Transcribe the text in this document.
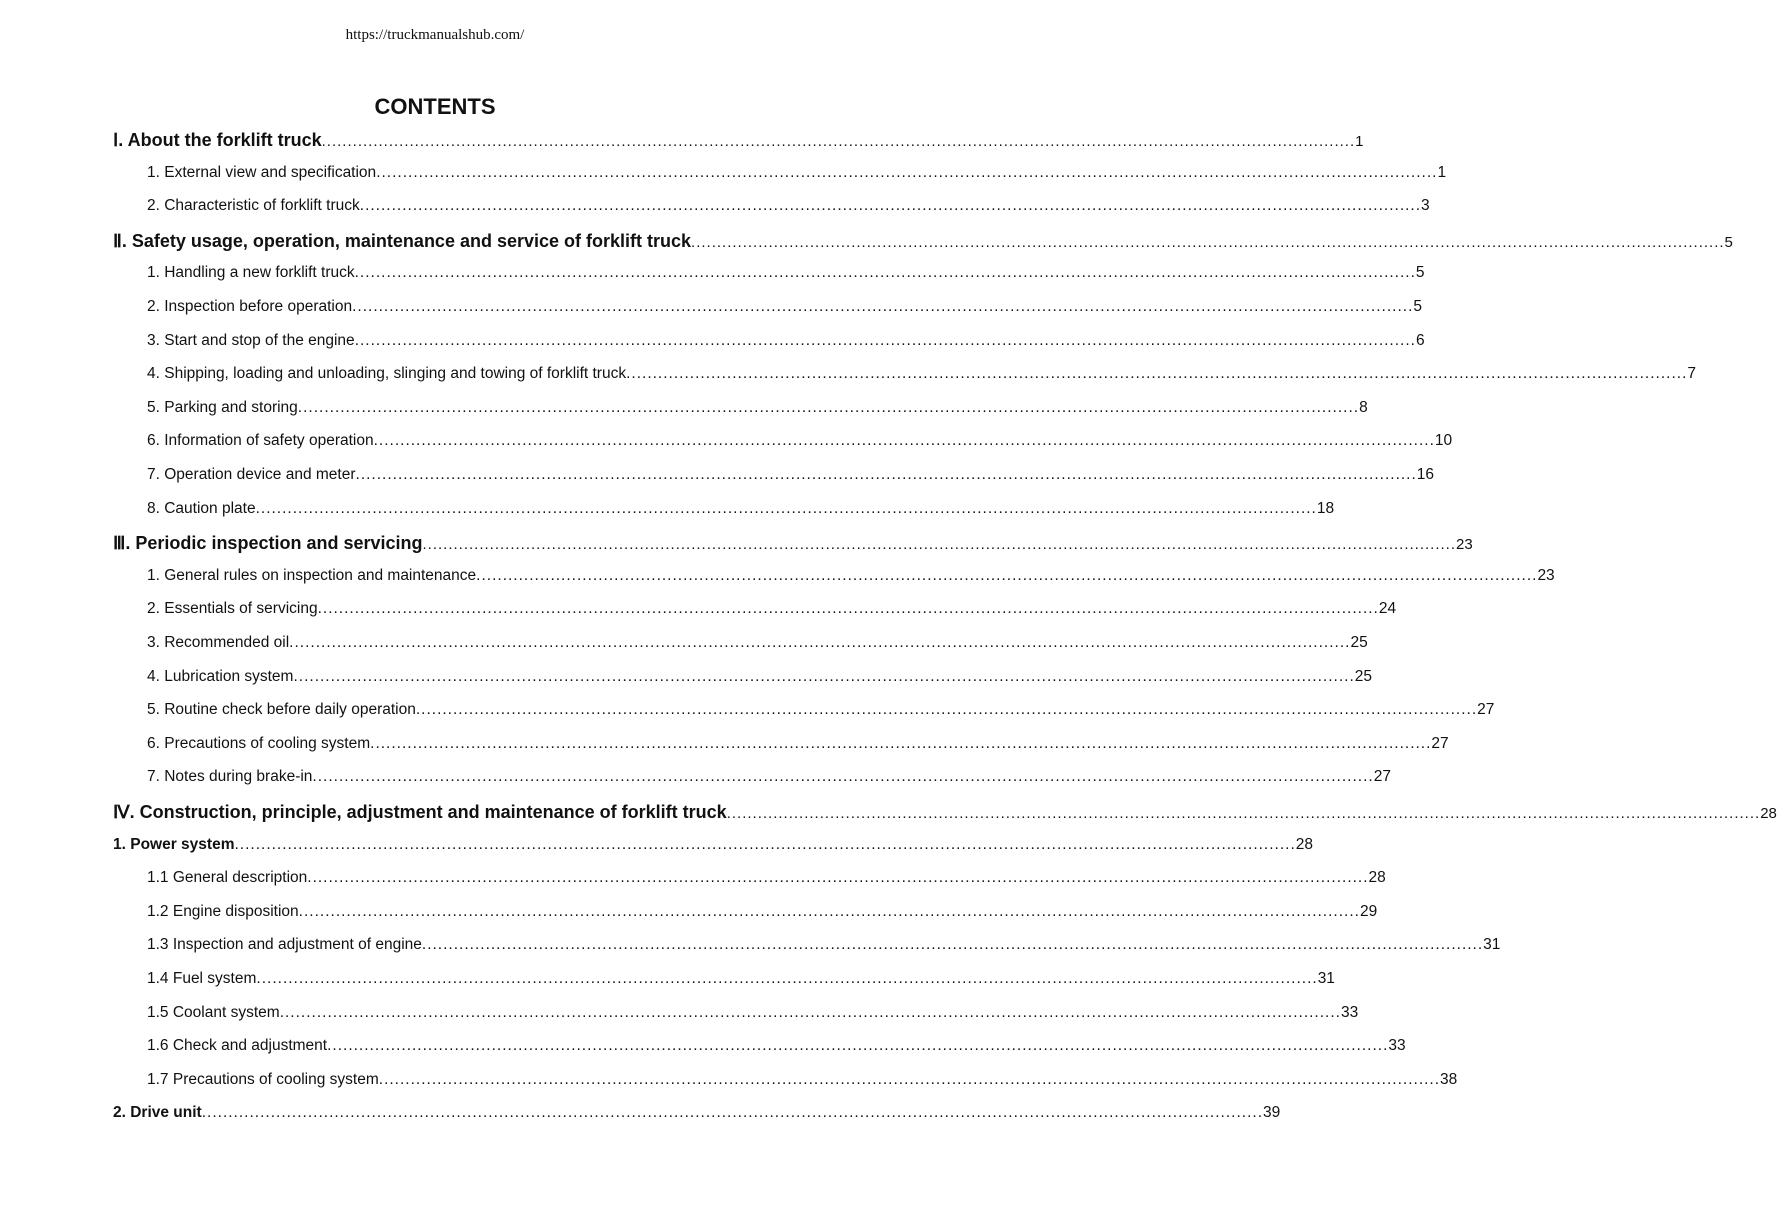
https://truckmanualshub.com/
CONTENTS
Ⅰ. About the forklift truck ........................................................................................................................................................................................................ 1
1. External view and specification ........................................................................................................................................................................................................ 1
2. Characteristic of forklift truck ........................................................................................................................................................................................................ 3
Ⅱ. Safety usage, operation, maintenance and service of forklift truck ........................................................................................................................................................................................................ 5
1. Handling a new forklift truck ........................................................................................................................................................................................................ 5
2. Inspection before operation ........................................................................................................................................................................................................ 5
3. Start and stop of the engine ........................................................................................................................................................................................................ 6
4. Shipping, loading and unloading, slinging and towing of forklift truck ........................................................................................................................................................................................................ 7
5. Parking and storing ........................................................................................................................................................................................................ 8
6. Information of safety operation ........................................................................................................................................................................................................ 10
7. Operation device and meter ........................................................................................................................................................................................................ 16
8. Caution plate ........................................................................................................................................................................................................ 18
Ⅲ. Periodic inspection and servicing ........................................................................................................................................................................................................ 23
1. General rules on inspection and maintenance ........................................................................................................................................................................................................ 23
2. Essentials of servicing ........................................................................................................................................................................................................ 24
3. Recommended oil ........................................................................................................................................................................................................ 25
4. Lubrication system ........................................................................................................................................................................................................ 25
5. Routine check before daily operation ........................................................................................................................................................................................................ 27
6. Precautions of cooling system ........................................................................................................................................................................................................ 27
7. Notes during brake-in ........................................................................................................................................................................................................ 27
Ⅳ. Construction, principle, adjustment and maintenance of forklift truck ........................................................................................................................................................................................................ 28
1. Power system ........................................................................................................................................................................................................ 28
1.1 General description ........................................................................................................................................................................................................ 28
1.2 Engine disposition ........................................................................................................................................................................................................ 29
1.3 Inspection and adjustment of engine ........................................................................................................................................................................................................ 31
1.4 Fuel system ........................................................................................................................................................................................................ 31
1.5 Coolant system ........................................................................................................................................................................................................ 33
1.6 Check and adjustment ........................................................................................................................................................................................................ 33
1.7 Precautions of cooling system ........................................................................................................................................................................................................ 38
2. Drive unit ........................................................................................................................................................................................................ 39
